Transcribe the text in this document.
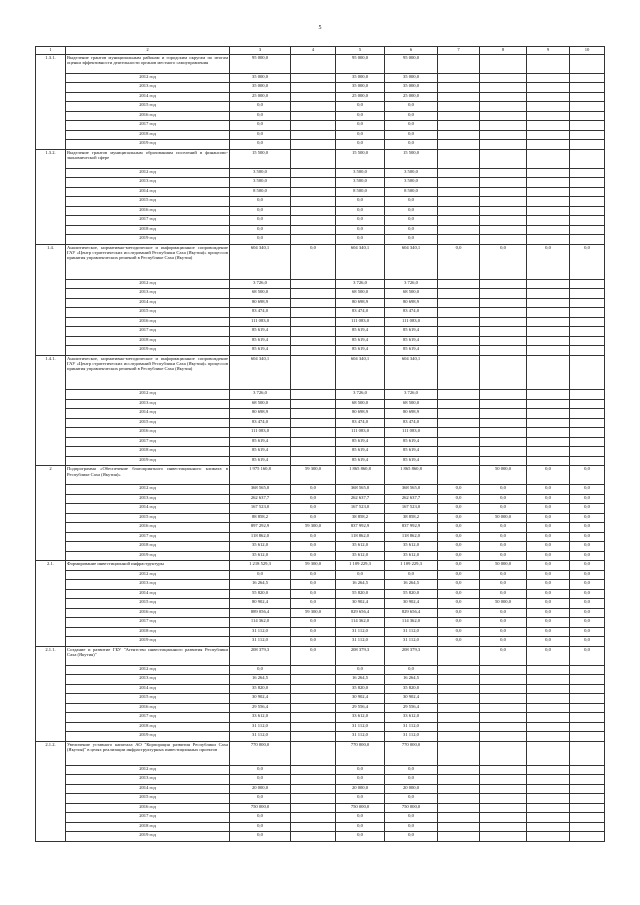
5
1	2	3	4	5	6	7	8	9	10
1.3.1.	Выделение грантов муниципальным районам и городским округам по итогам оценки эффективности деятельности органов местного самоуправления	95 000,0		95 000,0	95 000,0				
	2012 год	35 000,0		35 000,0	35 000,0				
	2013 год	35 000,0		35 000,0	35 000,0				
	2014 год	25 000,0		25 000,0	25 000,0				
	2015 год	0,0		0,0	0,0				
	2016 год	0,0		0,0	0,0				
	2017 год	0,0		0,0	0,0				
	2018 год	0,0		0,0	0,0				
	2019 год	0,0		0,0	0,0				
1.3.2.	Выделение грантов муниципальным образованиям поселений в финансово-экономической сфере	15 500,0		15 500,0	15 500,0				
	2012 год	3 500,0		3 500,0	3 500,0				
	2013 год	3 500,0		3 500,0	3 500,0				
	2014 год	8 500,0		8 500,0	8 500,0				
	2015 год	0,0		0,0	0,0				
	2016 год	0,0		0,0	0,0				
	2017 год	0,0		0,0	0,0				
	2018 год	0,0		0,0	0,0				
	2019 год	0,0		0,0	0,0				
1.4.	Аналитическое, нормативно-методическое и информационное сопровождение ГАУ «Центр стратегических исследований Республики Саха (Якутия)» процессов принятия управленческих решений в Республике Саха (Якутия)	604 340,1	0,0	604 340,1	604 340,1	0,0	0,0	0,0	0,0
	2012 год	3 726,0		3 726,0	3 726,0				
	2013 год	68 500,0		68 500,0	68 500,0				
	2014 год	80 698,9		80 698,9	80 698,9				
	2015 год	83 474,0		83 474,0	83 474,0				
	2016 год	111 083,0		111 083,0	111 083,0				
	2017 год	85 619,4		85 619,4	85 619,4				
	2018 год	85 619,4		85 619,4	85 619,4				
	2019 год	85 619,4		85 619,4	85 619,4				
1.4.1.	Аналитическое, нормативно-методическое и информационное сопровождение ГАУ «Центр стратегических исследований Республики Саха (Якутия)» процессов принятия управленческих решений в Республике Саха (Якутия)	604 340,1		604 340,1	604 340,1				
	2012 год	3 726,0		3 726,0	3 726,0				
	2013 год	68 500,0		68 500,0	68 500,0				
	2014 год	80 698,9		80 698,9	80 698,9				
	2015 год	83 474,0		83 474,0	83 474,0				
	2016 год	111 083,0		111 083,0	111 083,0				
	2017 год	85 619,4		85 619,4	85 619,4				
	2018 год	85 619,4		85 619,4	85 619,4				
	2019 год	85 619,4		85 619,4	85 619,4				
2	Подпрограмма «Обеспечение благоприятного инвестиционного климата в Республике Саха (Якутия)»	1 975 160,8	59 300,0	1 865 860,8	1 865 860,8		50 000,0	0,0	0,0
	2012 год	368 565,0	0,0	368 565,0	368 565,0	0,0	0,0	0,0	0,0
	2013 год	262 637,7	0,0	262 637,7	262 637,7	0,0	0,0	0,0	0,0
	2014 год	167 523,0	0,0	167 523,0	167 523,0	0,0	0,0	0,0	0,0
	2015 год	88 858,2	0,0	38 858,2	38 858,2	0,0	50 000,0	0,0	0,0
	2016 год	897 292,9	59 300,0	837 992,9	837 992,9	0,0	0,0	0,0	0,0
	2017 год	118 862,0	0,0	118 862,0	118 862,0	0,0	0,0	0,0	0,0
	2018 год	35 612,0	0,0	35 612,0	35 612,0	0,0	0,0	0,0	0,0
	2019 год	35 612,0	0,0	35 612,0	35 612,0	0,0	0,0	0,0	0,0
2.1.	Формирование инвестиционной инфраструктуры	1 218 529,3	59 300,0	1 109 229,3	1 109 229,3	0,0	50 000,0	0,0	0,0
	2012 год	0,0	0,0	0,0	0,0	0,0	0,0	0,0	0,0
	2013 год	16 264,5	0,0	16 264,5	16 264,5	0,0	0,0	0,0	0,0
	2014 год	55 820,0	0,0	55 820,0	55 820,0	0,0	0,0	0,0	0,0
	2015 год	80 902,4	0,0	30 902,4	30 902,4	0,0	50 000,0	0,0	0,0
	2016 год	889 056,4	59 300,0	829 656,4	829 656,4	0,0	0,0	0,0	0,0
	2017 год	114 362,0	0,0	114 362,0	114 362,0	0,0	0,0	0,0	0,0
	2018 год	31 112,0	0,0	31 112,0	31 112,0	0,0	0,0	0,0	0,0
	2019 год	31 112,0	0,0	31 112,0	31 112,0	0,0	0,0	0,0	0,0
2.1.1.	Создание и развитие ГБУ "Агентство инвестиционного развития Республики Саха (Якутия)"	208 379,3	0,0	208 379,3	208 379,3		0,0	0,0	0,0
	2012 год	0,0		0,0	0,0				
	2013 год	16 264,5		16 264,5	16 264,5				
	2014 год	35 820,0		35 820,0	35 820,0				
	2015 год	30 902,4		30 902,4	30 902,4				
	2016 год	29 556,4		29 556,4	29 556,4				
	2017 год	33 612,0		33 612,0	33 612,0				
	2018 год	31 112,0		31 112,0	31 112,0				
	2019 год	31 112,0		31 112,0	31 112,0				
2.1.2.	Увеличение уставного капитала АО "Корпорация развития Республики Саха (Якутия)" в целях реализации инфраструктурных инвестиционных проектов	770 000,0		770 000,0	770 000,0				
	2012 год	0,0		0,0	0,0				
	2013 год	0,0		0,0	0,0				
	2014 год	20 000,0		20 000,0	20 000,0				
	2015 год	0,0		0,0	0,0				
	2016 год	750 000,0		750 000,0	750 000,0				
	2017 год	0,0		0,0	0,0				
	2018 год	0,0		0,0	0,0				
	2019 год	0,0		0,0	0,0				
